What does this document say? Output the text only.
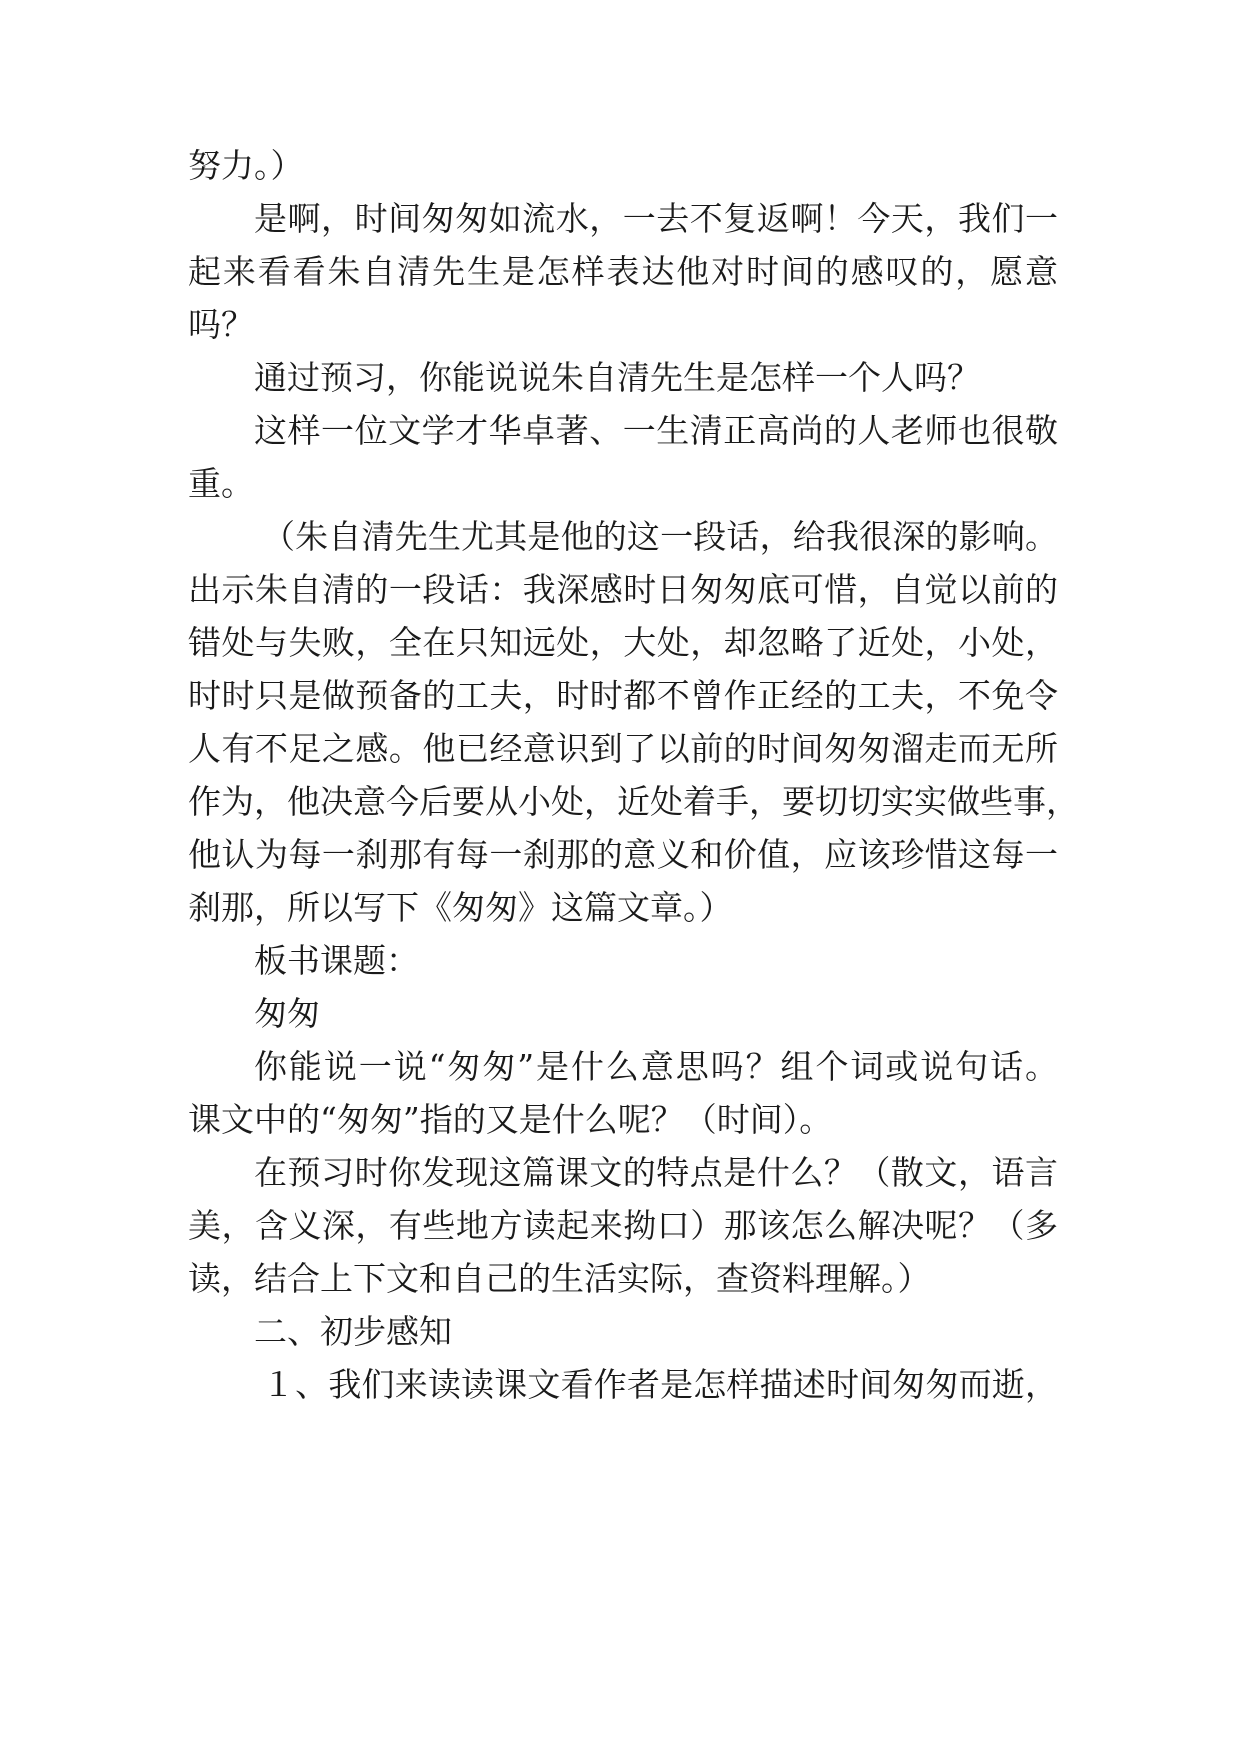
努力。）
是啊，时间匆匆如流水，一去不复返啊！今天，我们一
起来看看朱自清先生是怎样表达他对时间的感叹的，愿意
吗？
通过预习，你能说说朱自清先生是怎样一个人吗？
这样一位文学才华卓著、一生清正高尚的人老师也很敬
重。
（朱自清先生尤其是他的这一段话，给我很深的影响。
出示朱自清的一段话：我深感时日匆匆底可惜，自觉以前的
错处与失败，全在只知远处，大处，却忽略了近处，小处，
时时只是做预备的工夫，时时都不曾作正经的工夫，不免令
人有不足之感。他已经意识到了以前的时间匆匆溜走而无所
作为，他决意今后要从小处，近处着手，要切切实实做些事，
他认为每一刹那有每一刹那的意义和价值，应该珍惜这每一
刹那，所以写下《匆匆》这篇文章。）
板书课题：
匆匆
你能说一说“匆匆”是什么意思吗？组个词或说句话。
课文中的“匆匆”指的又是什么呢？（时间）。
在预习时你发现这篇课文的特点是什么？（散文，语言
美，含义深，有些地方读起来拗口）那该怎么解决呢？（多
读，结合上下文和自己的生活实际，查资料理解。）
二、初步感知
１、我们来读读课文看作者是怎样描述时间匆匆而逝，
